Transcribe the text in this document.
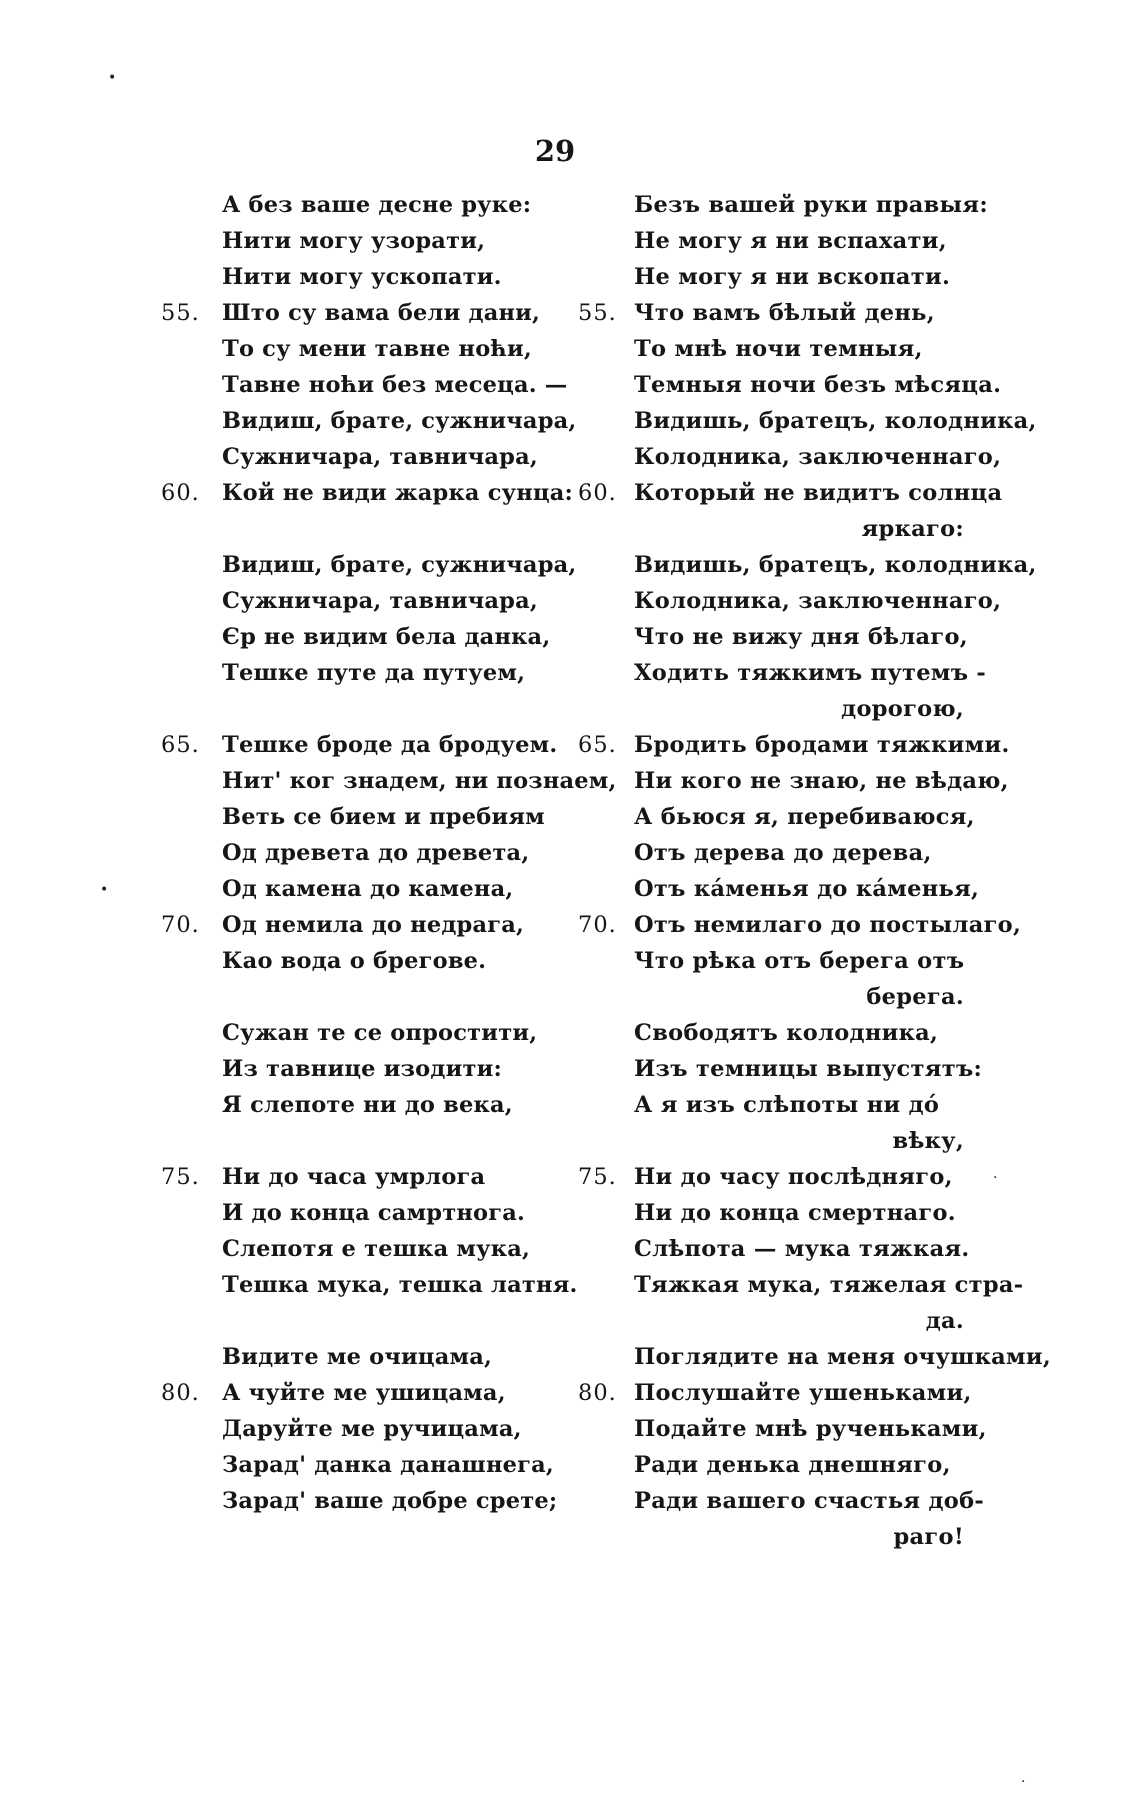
29
•
•
·
·
А без ваше десне руке:
Нити могу узорати,
Нити могу ускопати.
55. Што су вама бели дани,
То су мени тавне ноћи,
Тавне ноћи без месеца. —
Видиш, брате, сужничара,
Сужничара, тавничара,
60. Кой не види жарка сунца:
Видиш, брате, сужничара,
Сужничара, тавничара,
Єр не видим бела данка,
Тешке путе да путуем,
65. Тешке броде да бродуем.
Нит' ког знадем, ни познаем,
Веть се бием и пребиям
Од древета до древета,
Од камена до камена,
70. Од немила до недрага,
Као вода о брегове.
Сужан те се опростити,
Из тавнице изодити:
Я слепоте ни до века,
75. Ни до часа умрлога
И до конца самртнога.
Слепотя е тешка мука,
Тешка мука, тешка латня.
Видите ме очицама,
80. А чуйте ме ушицама,
Даруйте ме ручицама,
Зарад' данка данашнега,
Зарад' ваше добре срете;
Безъ вашей руки правыя:
Не могу я ни вспахати,
Не могу я ни вскопати.
55. Что вамъ бѣлый день,
То мнѣ ночи темныя,
Темныя ночи безъ мѣсяца.
Видишь, братецъ, колодника,
Колодника, заключеннаго,
60. Который не видитъ солнца
яркаго:
Видишь, братецъ, колодника,
Колодника, заключеннаго,
Что не вижу дня бѣлаго,
Ходить тяжкимъ путемъ -
дорогою,
65. Бродить бродами тяжкими.
Ни кого не знаю, не вѣдаю,
А бьюся я, перебиваюся,
Отъ дерева до дерева,
Отъ ка́менья до ка́менья,
70. Отъ немилаго до постылаго,
Что рѣка отъ берега отъ
берега.
Свободятъ колодника,
Изъ темницы выпустятъ:
А я изъ слѣпоты ни до́
вѣку,
75. Ни до часу послѣдняго,
Ни до конца смертнаго.
Слѣпота — мука тяжкая.
Тяжкая мука, тяжелая стра-
да.
Поглядите на меня очушками,
80. Послушайте ушеньками,
Подайте мнѣ рученьками,
Ради денька днешняго,
Ради вашего счастья доб-
раго!
